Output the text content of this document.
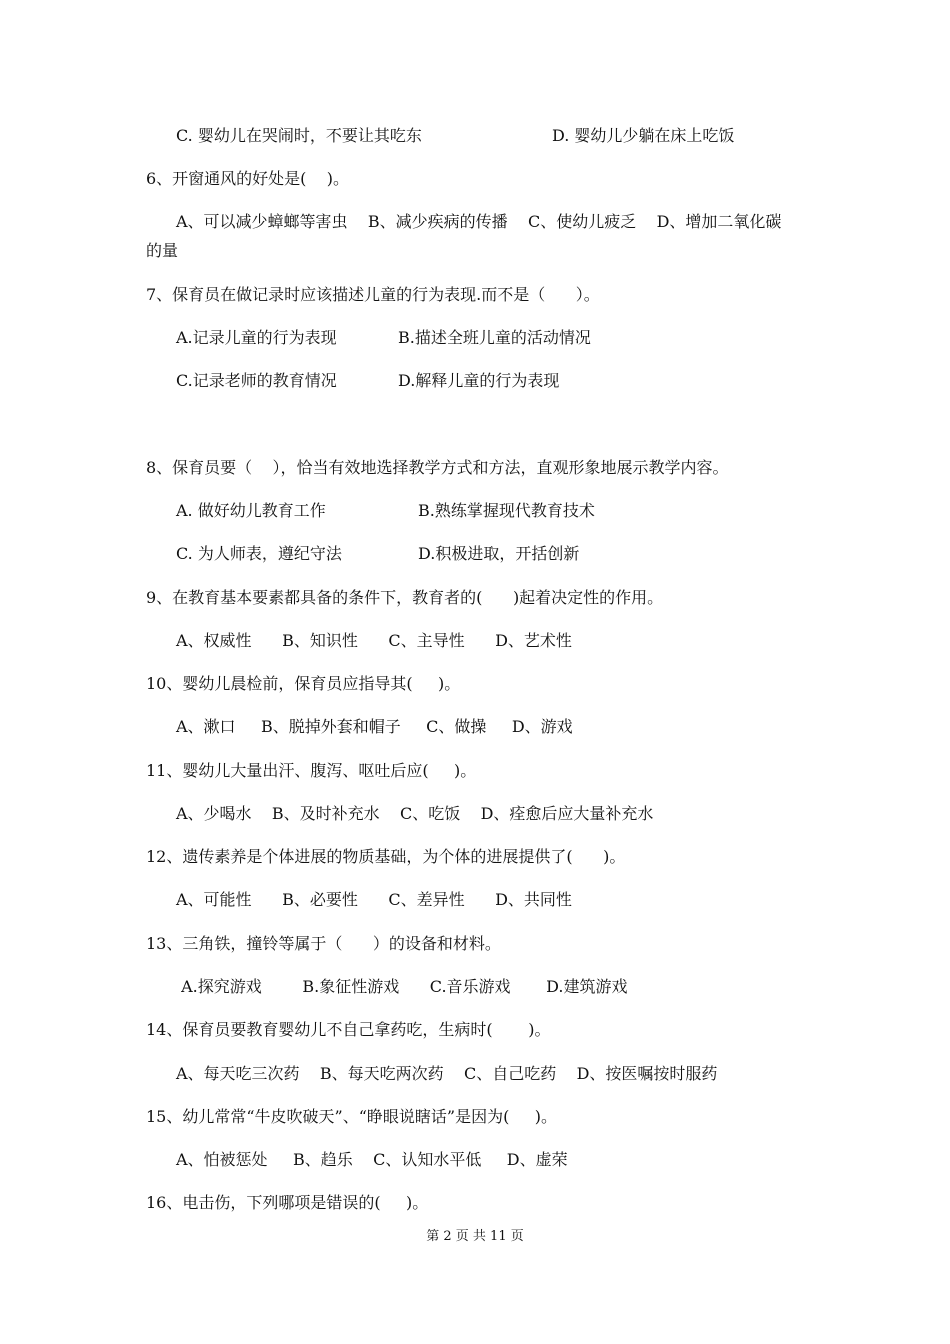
C. 婴幼儿在哭闹时，不要让其吃东	D. 婴幼儿少躺在床上吃饭
6、开窗通风的好处是(    )。
A、可以减少蟑螂等害虫    B、减少疾病的传播    C、使幼儿疲乏    D、增加二氧化碳
的量
7、保育员在做记录时应该描述儿童的行为表现.而不是（      ）。
A.记录儿童的行为表现	B.描述全班儿童的活动情况
C.记录老师的教育情况	D.解释儿童的行为表现
8、保育员要（    ），恰当有效地选择教学方式和方法，直观形象地展示教学内容。
A. 做好幼儿教育工作	B.熟练掌握现代教育技术
C. 为人师表，遵纪守法	D.积极进取，开括创新
9、在教育基本要素都具备的条件下，教育者的(      )起着决定性的作用。
A、权威性      B、知识性      C、主导性      D、艺术性
10、婴幼儿晨检前，保育员应指导其(     )。
A、漱口     B、脱掉外套和帽子     C、做操     D、游戏
11、婴幼儿大量出汗、腹泻、呕吐后应(     )。
A、少喝水    B、及时补充水    C、吃饭    D、痊愈后应大量补充水
12、遗传素养是个体进展的物质基础，为个体的进展提供了(      )。
A、可能性      B、必要性      C、差异性      D、共同性
13、三角铁，撞铃等属于（      ）的设备和材料。
A.探究游戏        B.象征性游戏      C.音乐游戏       D.建筑游戏
14、保育员要教育婴幼儿不自己拿药吃，生病时(       )。
A、每天吃三次药    B、每天吃两次药    C、自己吃药    D、按医嘱按时服药
15、幼儿常常“牛皮吹破天”、“睁眼说瞎话”是因为(     )。
A、怕被惩处     B、趋乐    C、认知水平低     D、虚荣
16、电击伤，下列哪项是错误的(     )。
第 2 页 共 11 页
